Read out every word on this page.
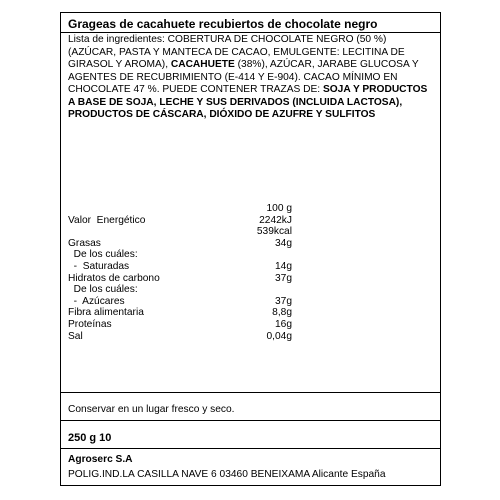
Grageas de cacahuete recubiertos de chocolate negro
Lista de ingredientes: COBERTURA DE CHOCOLATE NEGRO (50 %) (AZÚCAR, PASTA Y MANTECA DE CACAO, EMULGENTE: LECITINA DE GIRASOL Y AROMA), CACAHUETE (38%), AZÚCAR, JARABE GLUCOSA Y AGENTES DE RECUBRIMIENTO (E-414 Y E-904). CACAO MÍNIMO EN CHOCOLATE 47 %. PUEDE CONTENER TRAZAS DE: SOJA Y PRODUCTOS A BASE DE SOJA, LECHE Y SUS DERIVADOS (INCLUIDA LACTOSA), PRODUCTOS DE CÁSCARA, DIÓXIDO DE AZUFRE Y SULFITOS
100 g
Valor  Energético	2242kJ
539kcal
Grasas	34g
De los cuáles:
-  Saturadas	14g
Hidratos de carbono	37g
De los cuáles:
-  Azúcares	37g
Fibra alimentaria	8,8g
Proteínas	16g
Sal	0,04g
Conservar en un lugar fresco y seco.
250 g 10
Agroserc S.A
POLIG.IND.LA CASILLA NAVE 6 03460 BENEIXAMA Alicante España
